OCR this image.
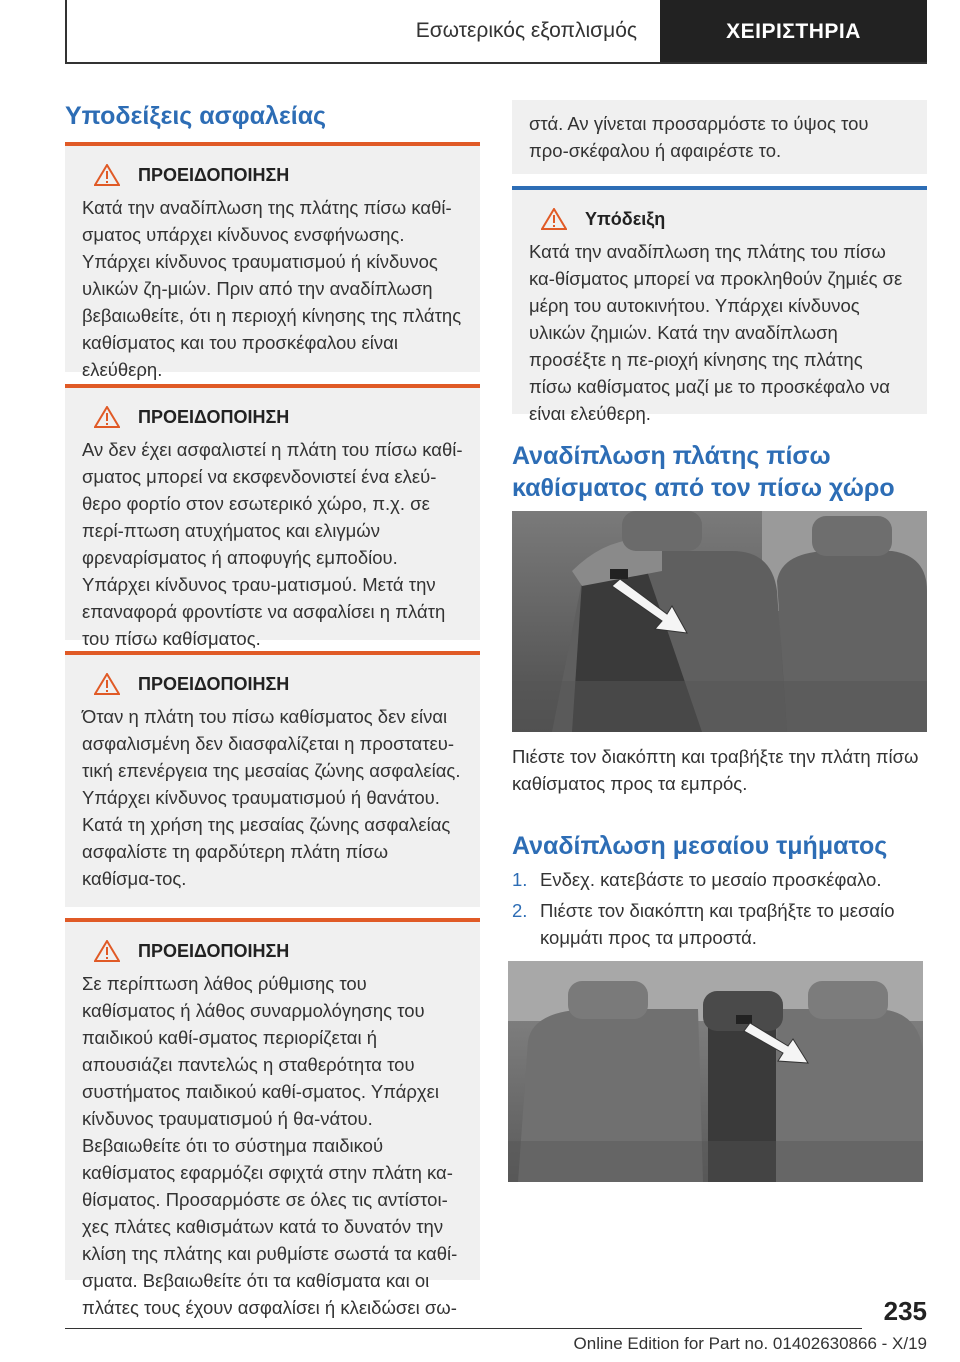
Εσωτερικός εξοπλισμός	ΧΕΙΡΙΣΤΗΡΙΑ
Υποδείξεις ασφαλείας
ΠΡΟΕΙΔΟΠΟΙΗΣΗ
Κατά την αναδίπλωση της πλάτης πίσω καθί-σματος υπάρχει κίνδυνος ενσφήνωσης. Υπάρχει κίνδυνος τραυματισμού ή κίνδυνος υλικών ζη-μιών. Πριν από την αναδίπλωση βεβαιωθείτε, ότι η περιοχή κίνησης της πλάτης καθίσματος και του προσκέφαλου είναι ελεύθερη.
ΠΡΟΕΙΔΟΠΟΙΗΣΗ
Αν δεν έχει ασφαλιστεί η πλάτη του πίσω καθί-σματος μπορεί να εκσφενδονιστεί ένα ελεύ-θερο φορτίο στον εσωτερικό χώρο, π.χ. σε περί-πτωση ατυχήματος και ελιγμών φρεναρίσματος ή αποφυγής εμποδίου. Υπάρχει κίνδυνος τραυ-ματισμού. Μετά την επαναφορά φροντίστε να ασφαλίσει η πλάτη του πίσω καθίσματος.
ΠΡΟΕΙΔΟΠΟΙΗΣΗ
Όταν η πλάτη του πίσω καθίσματος δεν είναι ασφαλισμένη δεν διασφαλίζεται η προστατευ-τική επενέργεια της μεσαίας ζώνης ασφαλείας. Υπάρχει κίνδυνος τραυματισμού ή θανάτου. Κατά τη χρήση της μεσαίας ζώνης ασφαλείας ασφαλίστε τη φαρδύτερη πλάτη πίσω καθίσμα-τος.
ΠΡΟΕΙΔΟΠΟΙΗΣΗ
Σε περίπτωση λάθος ρύθμισης του καθίσματος ή λάθος συναρμολόγησης του παιδικού καθί-σματος περιορίζεται ή απουσιάζει παντελώς η σταθερότητα του συστήματος παιδικού καθί-σματος. Υπάρχει κίνδυνος τραυματισμού ή θα-νάτου. Βεβαιωθείτε ότι το σύστημα παιδικού καθίσματος εφαρμόζει σφιχτά στην πλάτη κα-θίσματος. Προσαρμόστε σε όλες τις αντίστοι-χες πλάτες καθισμάτων κατά το δυνατόν την κλίση της πλάτης και ρυθμίστε σωστά τα καθί-σματα. Βεβαιωθείτε ότι τα καθίσματα και οι πλάτες τους έχουν ασφαλίσει ή κλειδώσει σω-
στά. Αν γίνεται προσαρμόστε το ύψος του προ-σκέφαλου ή αφαιρέστε το.
Υπόδειξη
Κατά την αναδίπλωση της πλάτης του πίσω κα-θίσματος μπορεί να προκληθούν ζημιές σε μέρη του αυτοκινήτου. Υπάρχει κίνδυνος υλικών ζημιών. Κατά την αναδίπλωση προσέξτε η πε-ριοχή κίνησης της πλάτης πίσω καθίσματος μαζί με το προσκέφαλο να είναι ελεύθερη.
Αναδίπλωση πλάτης πίσω καθίσματος από τον πίσω χώρο
Πιέστε τον διακόπτη και τραβήξτε την πλάτη πίσω καθίσματος προς τα εμπρός.
Αναδίπλωση μεσαίου τμήματος
1. Ενδεχ. κατεβάστε το μεσαίο προσκέφαλο.
2. Πιέστε τον διακόπτη και τραβήξτε το μεσαίο κομμάτι προς τα μπροστά.
235
Online Edition for Part no. 01402630866 - X/19
